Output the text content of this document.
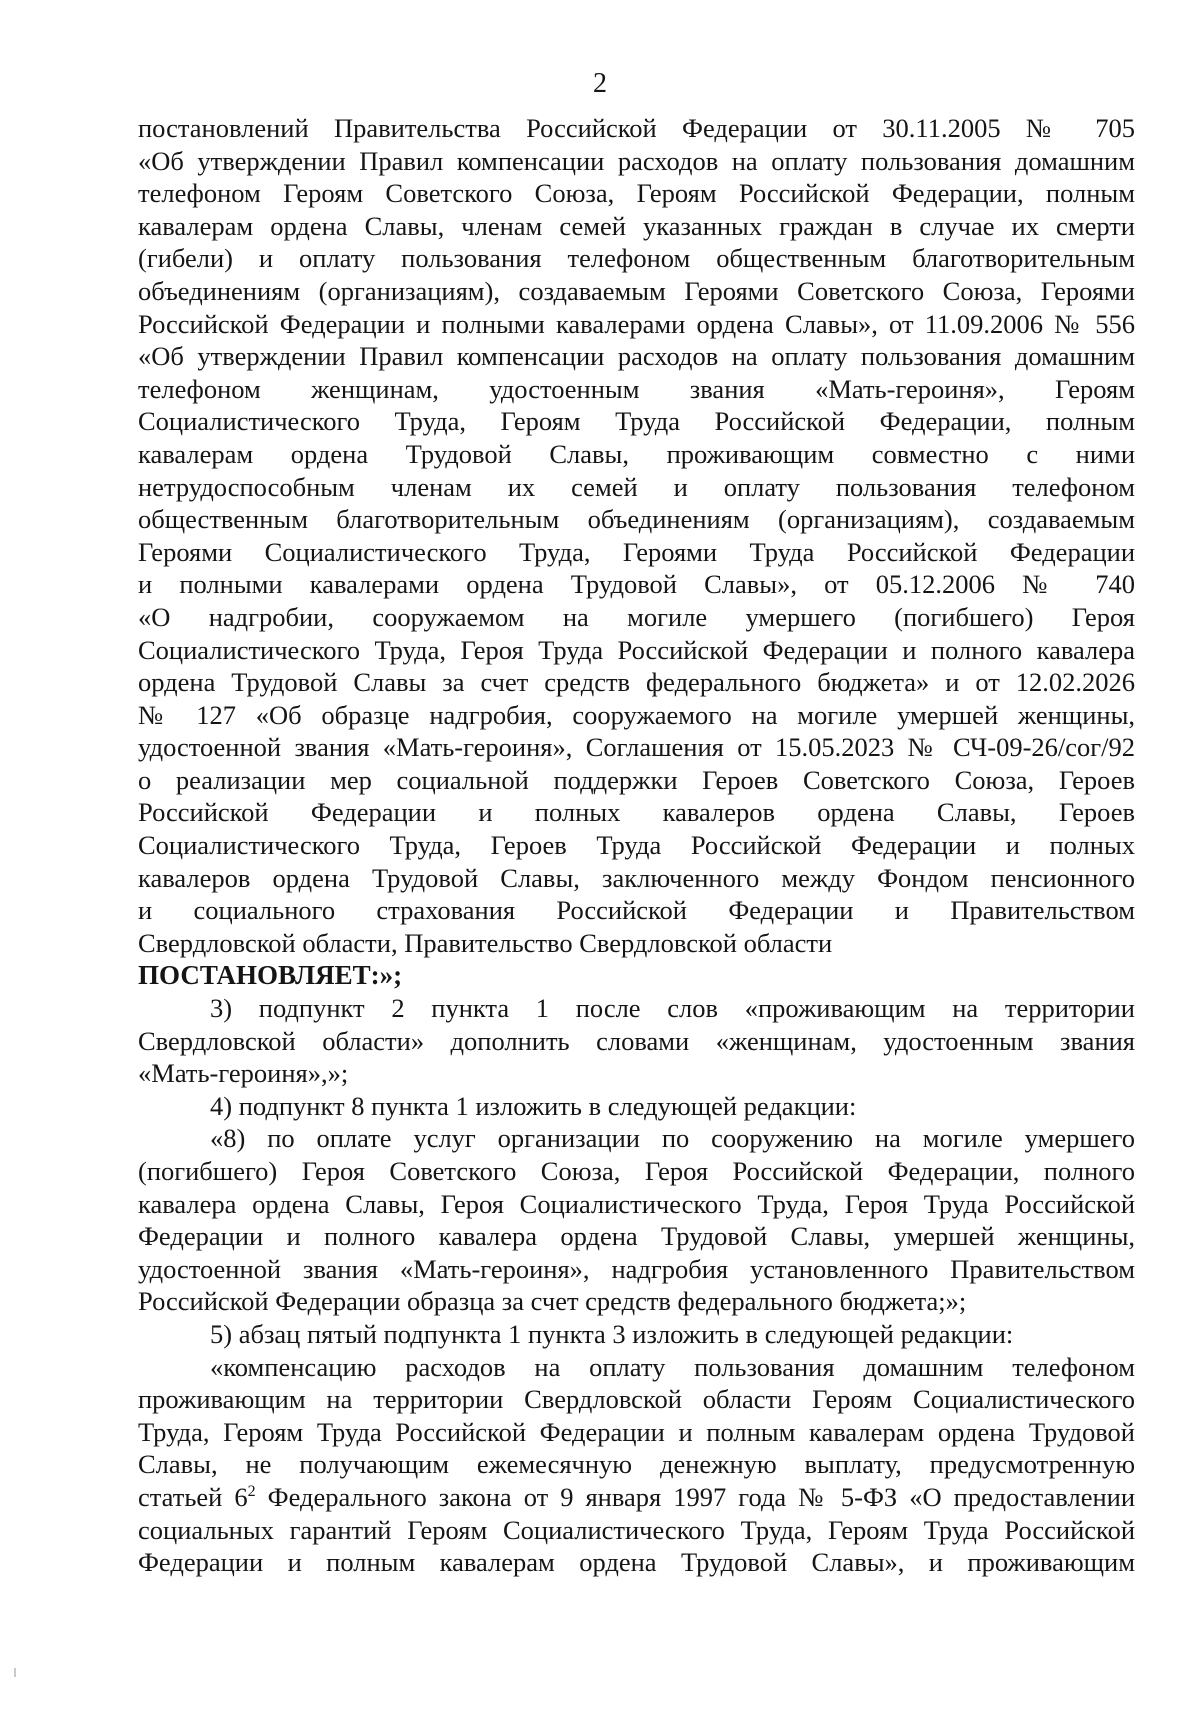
2
постановлений Правительства Российской Федерации от 30.11.2005 № 705
«Об утверждении Правил компенсации расходов на оплату пользования домашним
телефоном Героям Советского Союза, Героям Российской Федерации, полным
кавалерам ордена Славы, членам семей указанных граждан в случае их смерти
(гибели) и оплату пользования телефоном общественным благотворительным
объединениям (организациям), создаваемым Героями Советского Союза, Героями
Российской Федерации и полными кавалерами ордена Славы», от 11.09.2006 № 556
«Об утверждении Правил компенсации расходов на оплату пользования домашним
телефоном женщинам, удостоенным звания «Мать-героиня», Героям
Социалистического Труда, Героям Труда Российской Федерации, полным
кавалерам ордена Трудовой Славы, проживающим совместно с ними
нетрудоспособным членам их семей и оплату пользования телефоном
общественным благотворительным объединениям (организациям), создаваемым
Героями Социалистического Труда, Героями Труда Российской Федерации
и полными кавалерами ордена Трудовой Славы», от 05.12.2006 № 740
«О надгробии, сооружаемом на могиле умершего (погибшего) Героя
Социалистического Труда, Героя Труда Российской Федерации и полного кавалера
ордена Трудовой Славы за счет средств федерального бюджета» и от 12.02.2026
№ 127 «Об образце надгробия, сооружаемого на могиле умершей женщины,
удостоенной звания «Мать-героиня», Соглашения от 15.05.2023 № СЧ-09-26/сог/92
о реализации мер социальной поддержки Героев Советского Союза, Героев
Российской Федерации и полных кавалеров ордена Славы, Героев
Социалистического Труда, Героев Труда Российской Федерации и полных
кавалеров ордена Трудовой Славы, заключенного между Фондом пенсионного
и социального страхования Российской Федерации и Правительством
Свердловской области, Правительство Свердловской области
ПОСТАНОВЛЯЕТ:»;
3) подпункт 2 пункта 1 после слов «проживающим на территории
Свердловской области» дополнить словами «женщинам, удостоенным звания
«Мать-героиня»,»;
4) подпункт 8 пункта 1 изложить в следующей редакции:
«8) по оплате услуг организации по сооружению на могиле умершего
(погибшего) Героя Советского Союза, Героя Российской Федерации, полного
кавалера ордена Славы, Героя Социалистического Труда, Героя Труда Российской
Федерации и полного кавалера ордена Трудовой Славы, умершей женщины,
удостоенной звания «Мать-героиня», надгробия установленного Правительством
Российской Федерации образца за счет средств федерального бюджета;»;
5) абзац пятый подпункта 1 пункта 3 изложить в следующей редакции:
«компенсацию расходов на оплату пользования домашним телефоном
проживающим на территории Свердловской области Героям Социалистического
Труда, Героям Труда Российской Федерации и полным кавалерам ордена Трудовой
Славы, не получающим ежемесячную денежную выплату, предусмотренную
статьей $6^2$ Федерального закона от 9 января 1997 года № 5-ФЗ «О предоставлении
социальных гарантий Героям Социалистического Труда, Героям Труда Российской
Федерации и полным кавалерам ордена Трудовой Славы», и проживающим
